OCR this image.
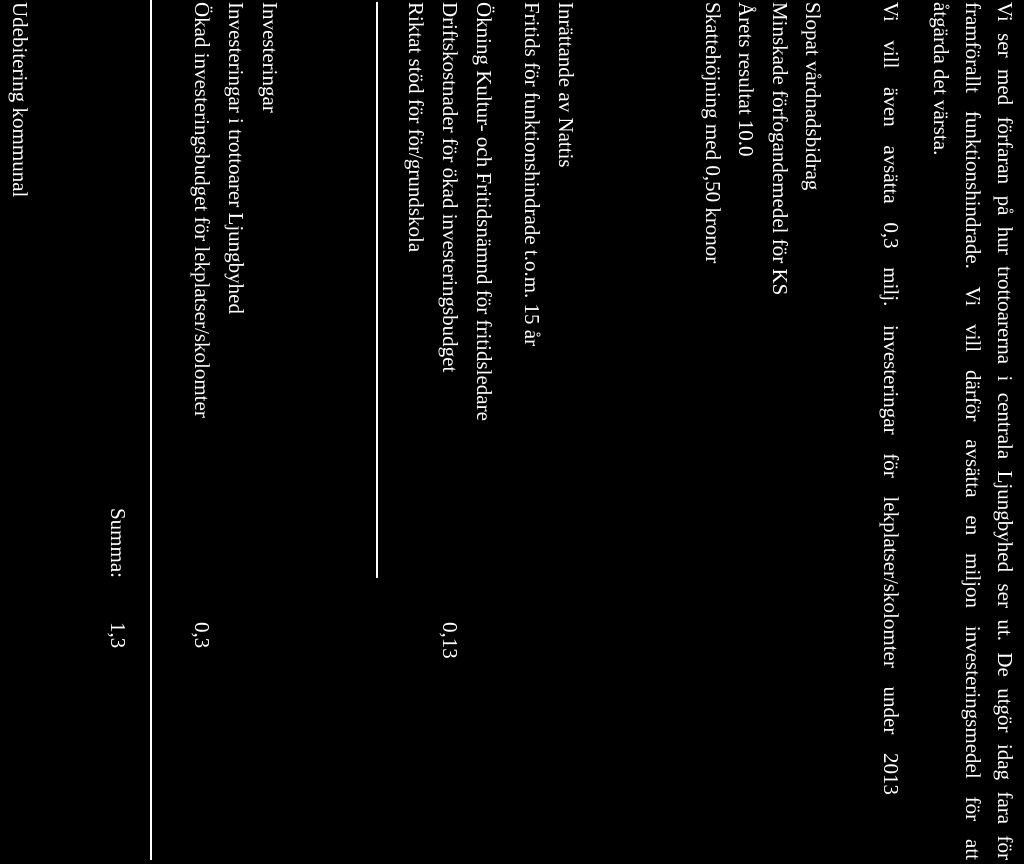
Vi ser med förfaran på hur trottoarerna i centrala Ljungbyhed ser ut. De utgör idag fara för
framförallt funktionshindrade. Vi vill därför avsätta en miljon investeringsmedel för att
åtgärda det värsta.
Vi vill även avsätta 0,3 milj. investeringar för lekplatser/skolomter under 2013
Slopat vårdnadsbidrag
Minskade förfogandemedel för KS
Årets resultat 10.0
Skattehöjning med 0,50 kronor
Inrättande av Nattis
Fritids för funktionshindrade t.o.m. 15 år
Ökning Kultur- och Fritidsnämnd för fritidsledare
Driftskostnader för ökad investeringsbudget
0,13
Riktat stöd för för/grundskola
Investeringar
Investeringar i trottoarer Ljungbyhed
Ökad investeringsbudget för lekplatser/skolomter
0,3
Summa:
1,3
Udebitering kommunal
